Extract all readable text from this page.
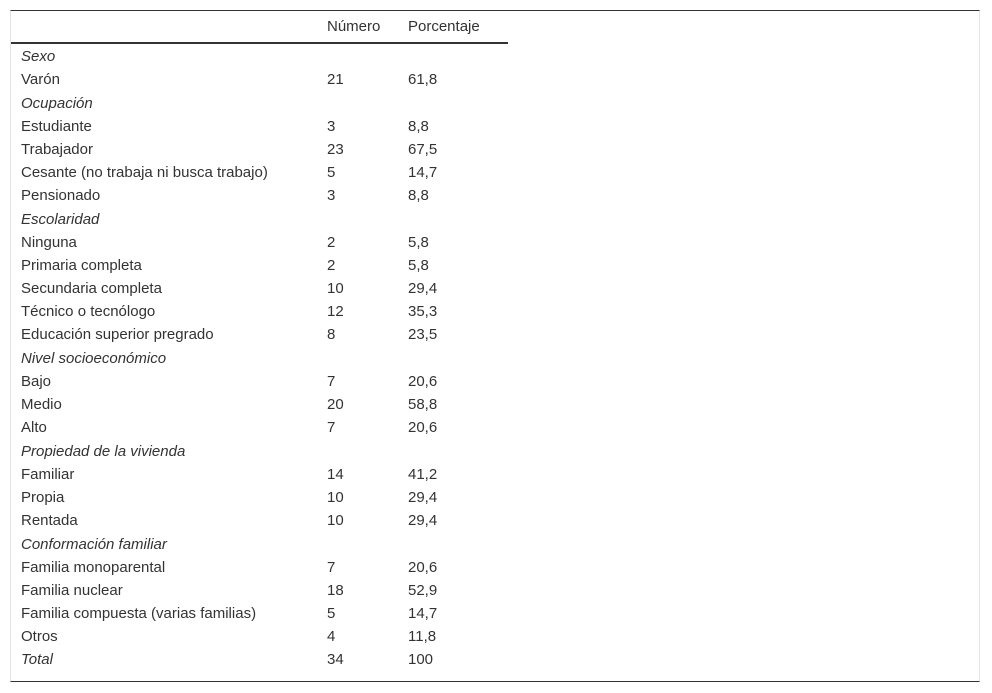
	Número	Porcentaje
Sexo		
Varón	21	61,8
Ocupación		
Estudiante	3	8,8
Trabajador	23	67,5
Cesante (no trabaja ni busca trabajo)	5	14,7
Pensionado	3	8,8
Escolaridad		
Ninguna	2	5,8
Primaria completa	2	5,8
Secundaria completa	10	29,4
Técnico o tecnólogo	12	35,3
Educación superior pregrado	8	23,5
Nivel socioeconómico		
Bajo	7	20,6
Medio	20	58,8
Alto	7	20,6
Propiedad de la vivienda		
Familiar	14	41,2
Propia	10	29,4
Rentada	10	29,4
Conformación familiar		
Familia monoparental	7	20,6
Familia nuclear	18	52,9
Familia compuesta (varias familias)	5	14,7
Otros	4	11,8
Total	34	100
